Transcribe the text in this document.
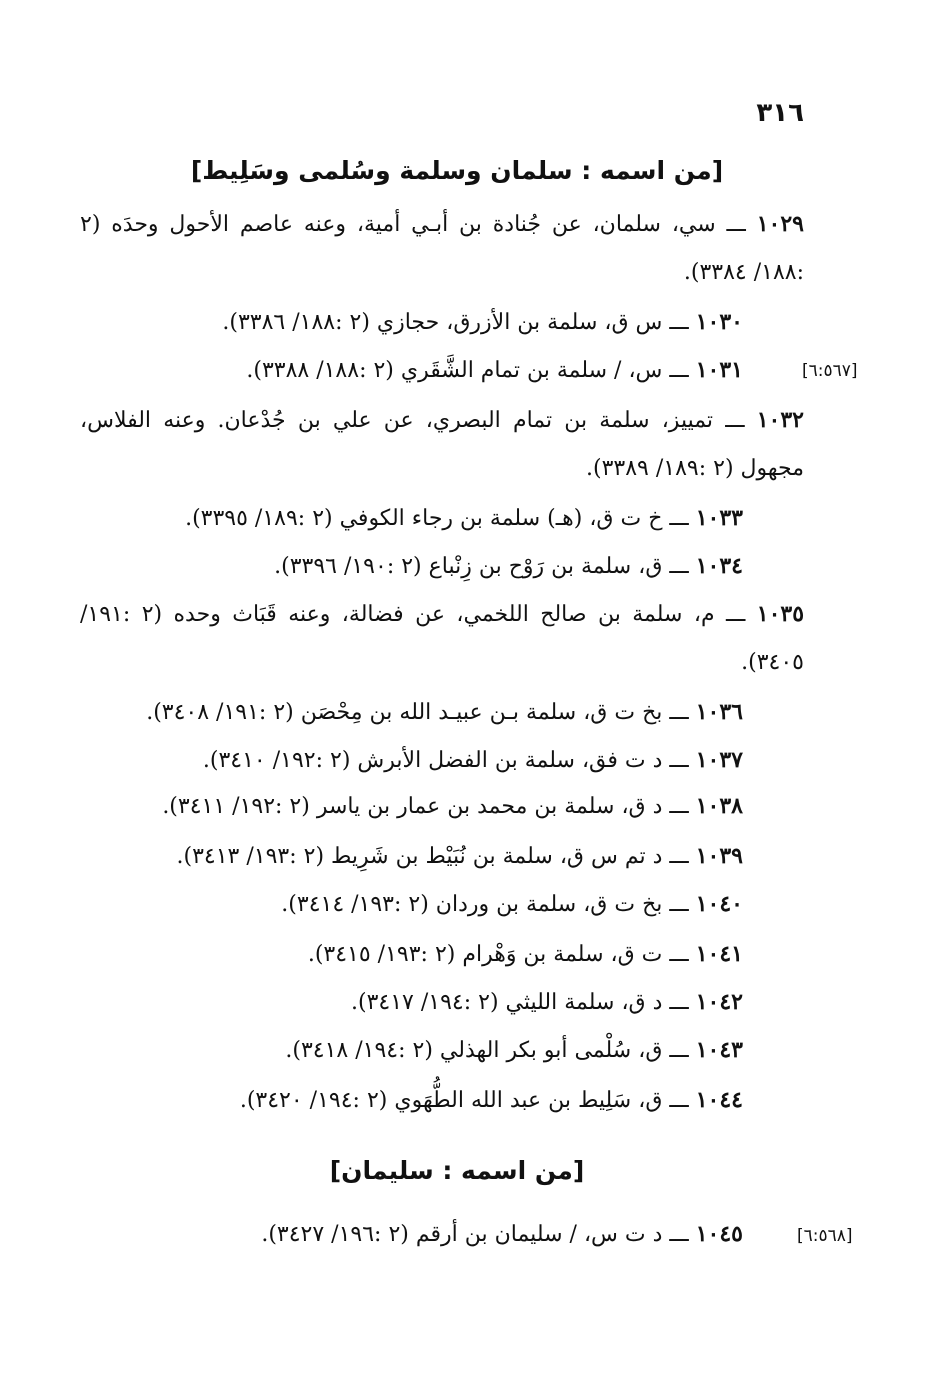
٣١٦
[من اسمه : سلمان وسلمة وسُلمى وسَلِيط]
١٠٢٩ ـــ سي، سلمان، عن جُنادة بن أبـي أمية، وعنه عاصم الأحول وحدَه (٢ :١٨٨/ ٣٣٨٤).
١٠٣٠ ـــ س ق، سلمة بن الأزرق، حجازي (٢ :١٨٨/ ٣٣٨٦).
[٦:٥٦٧]
١٠٣١ ـــ س، / سلمة بن تمام الشَّقَري (٢ :١٨٨/ ٣٣٨٨).
١٠٣٢ ـــ تمييز، سلمة بن تمام البصري، عن علي بن جُدْعان. وعنه الفلاس، مجهول (٢ :١٨٩/ ٣٣٨٩).
١٠٣٣ ـــ خ ت ق، (هـ) سلمة بن رجاء الكوفي (٢ :١٨٩/ ٣٣٩٥).
١٠٣٤ ـــ ق، سلمة بن رَوْح بن زِنْباع (٢ :١٩٠/ ٣٣٩٦).
١٠٣٥ ـــ م، سلمة بن صالح اللخمي، عن فضالة، وعنه قَبَاث وحده (٢ :١٩١/ ٣٤٠٥).
١٠٣٦ ـــ بخ ت ق، سلمة بـن عبيـد الله بن مِحْصَن (٢ :١٩١/ ٣٤٠٨).
١٠٣٧ ـــ د ت فق، سلمة بن الفضل الأبرش (٢ :١٩٢/ ٣٤١٠).
١٠٣٨ ـــ د ق، سلمة بن محمد بن عمار بن ياسر (٢ :١٩٢/ ٣٤١١).
١٠٣٩ ـــ د تم س ق، سلمة بن نُبَيْط بن شَرِيط (٢ :١٩٣/ ٣٤١٣).
١٠٤٠ ـــ بخ ت ق، سلمة بن وردان (٢ :١٩٣/ ٣٤١٤).
١٠٤١ ـــ ت ق، سلمة بن وَهْرام (٢ :١٩٣/ ٣٤١٥).
١٠٤٢ ـــ د ق، سلمة الليثي (٢ :١٩٤/ ٣٤١٧).
١٠٤٣ ـــ ق، سُلْمى أبو بكر الهذلي (٢ :١٩٤/ ٣٤١٨).
١٠٤٤ ـــ ق، سَلِيط بن عبد الله الطُّهَوي (٢ :١٩٤/ ٣٤٢٠).
[من اسمه : سليمان]
[٦:٥٦٨]
١٠٤٥ ـــ د ت س، / سليمان بن أرقم (٢ :١٩٦/ ٣٤٢٧).
